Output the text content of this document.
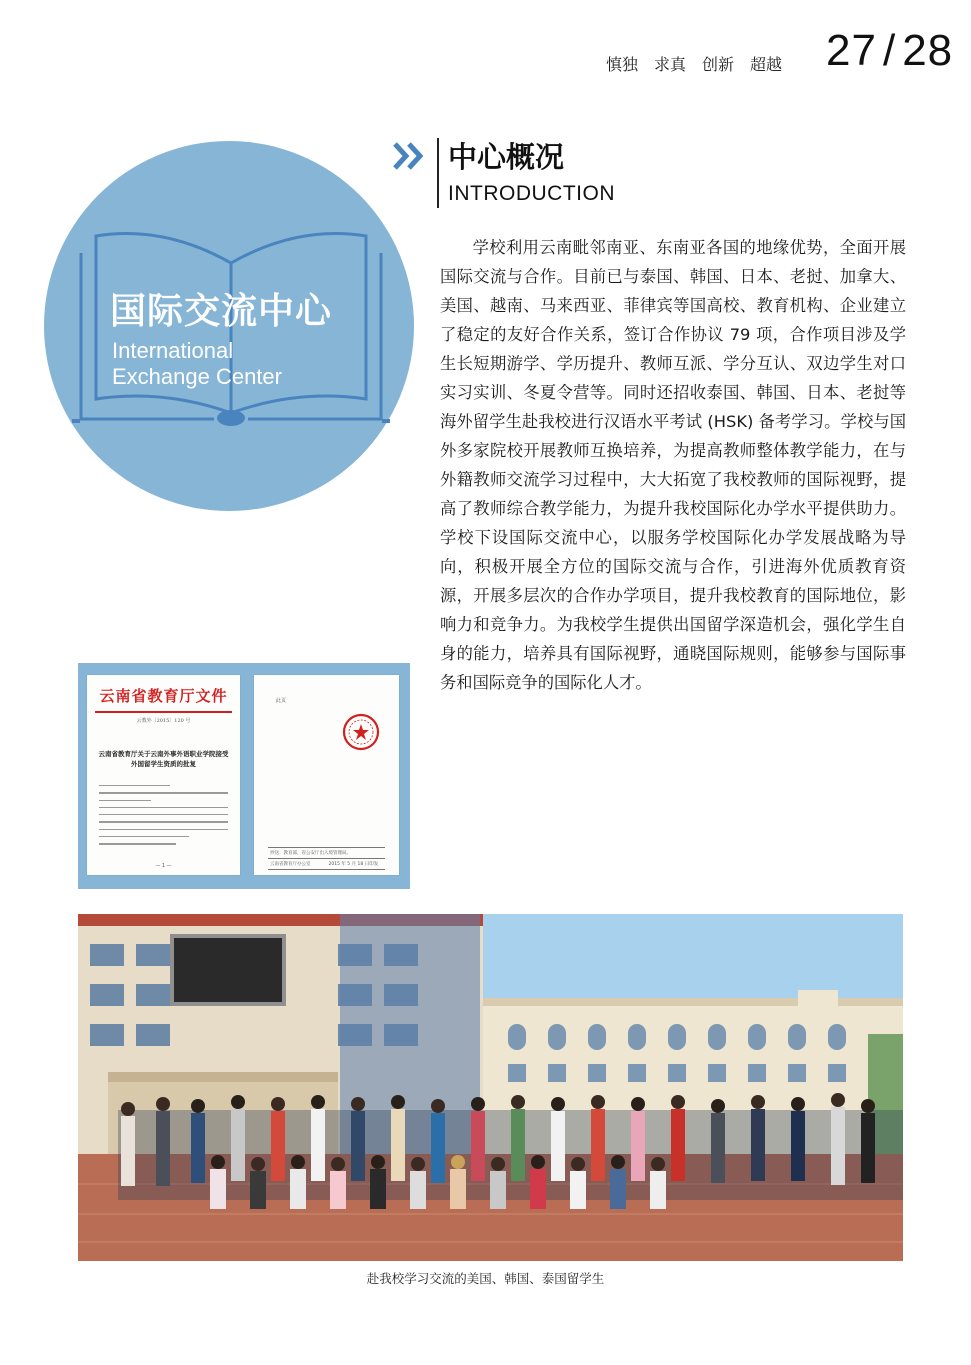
慎独　求真　创新　超越 27 / 28
中心概况
INTRODUCTION
国际交流中心
International
Exchange Center
学校利用云南毗邻南亚、东南亚各国的地缘优势，全面开展国际交流与合作。目前已与泰国、韩国、日本、老挝、加拿大、美国、越南、马来西亚、菲律宾等国高校、教育机构、企业建立了稳定的友好合作关系，签订合作协议 79 项，合作项目涉及学生长短期游学、学历提升、教师互派、学分互认、双边学生对口实习实训、冬夏令营等。同时还招收泰国、韩国、日本、老挝等海外留学生赴我校进行汉语水平考试 (HSK) 备考学习。学校与国外多家院校开展教师互换培养，为提高教师整体教学能力，在与外籍教师交流学习过程中，大大拓宽了我校教师的国际视野，提高了教师综合教学能力，为提升我校国际化办学水平提供助力。学校下设国际交流中心，以服务学校国际化办学发展战略为导向，积极开展全方位的国际交流与合作，引进海外优质教育资源，开展多层次的合作办学项目，提升我校教育的国际地位，影响力和竞争力。为我校学生提供出国留学深造机会，强化学生自身的能力，培养具有国际视野，通晓国际规则，能够参与国际事务和国际竞争的国际化人才。
云南省教育厅文件
云教外〔2015〕120 号
云南省教育厅关于云南外事外语职业学院接受外国留学生资质的批复
— 1 —
此页
抄送：教育部，省公安厅出入境管理局。
云南省教育厅办公室　　　　2015 年 5 月 18 日印发
赴我校学习交流的美国、韩国、泰国留学生
